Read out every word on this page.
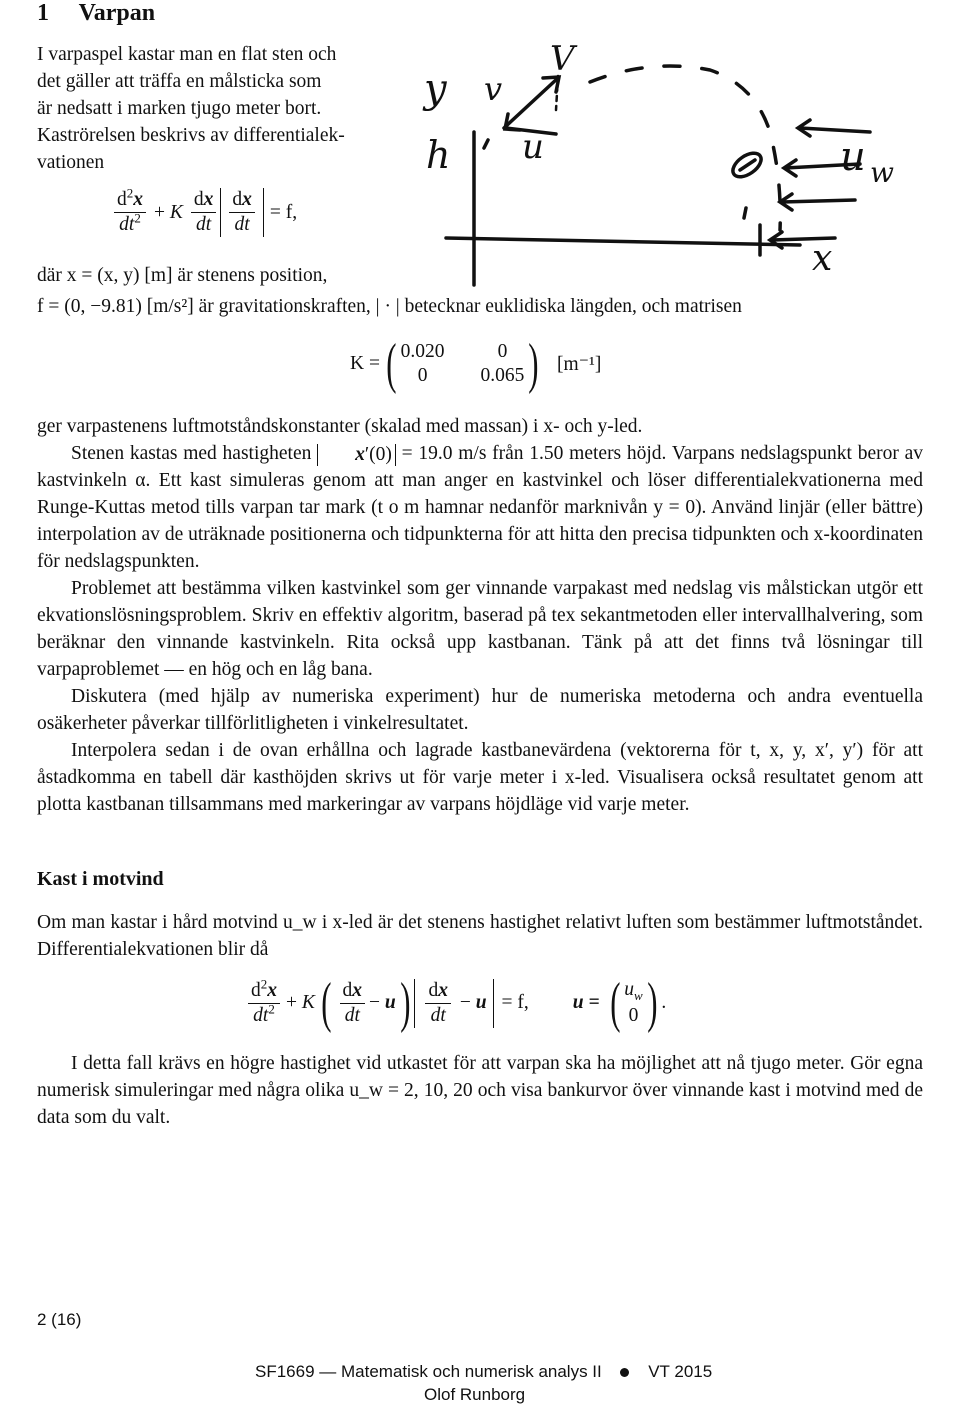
1 Varpan

I varpaspel kastar man en flat sten och

det gäller att träffa en målsticka som

är nedsatt i marken tjugo meter bort.

Kaströrelsen beskrivs av differentialek-

vationen

$\frac{d^2x}{dt^2} + K \frac{dx}{dt} \frac{dx}{dt} = f$,
där x = (x, y) [m] är stenens position,
f = (0, −9.81) [m/s²] är gravitationskraften, | · | betecknar euklidiska längden, och matrisen
y v
V
h u	u w
x
K = ( 0.020	0
0	0.065 ) [m⁻¹]

ger varpastenens luftmotståndskonstanter (skalad med massan) i x- och y-led.

Stenen kastas med hastigheten x′(0) = 19.0 m/s från 1.50 meters höjd. Varpans nedslagspunkt beror av kastvinkeln α. Ett kast simuleras genom att man anger en kastvinkel och löser differentialekvationerna med Runge-Kuttas metod tills varpan tar mark (t o m hamnar nedanför marknivån y = 0). Använd linjär (eller bättre) interpolation av de uträknade positionerna och tidpunkterna för att hitta den precisa tidpunkten och x-koordinaten för nedslagspunkten.

Problemet att bestämma vilken kastvinkel som ger vinnande varpakast med nedslag vis målstickan utgör ett ekvationslösningsproblem. Skriv en effektiv algoritm, baserad på tex sekantmetoden eller intervallhalvering, som beräknar den vinnande kastvinkeln. Rita också upp kastbanan. Tänk på att det finns två lösningar till varpaproblemet — en hög och en låg bana.

Diskutera (med hjälp av numeriska experiment) hur de numeriska metoderna och andra eventuella osäkerheter påverkar tillförlitligheten i vinkelresultatet.

Interpolera sedan i de ovan erhållna och lagrade kastbanevärdena (vektorerna för t, x, y, x′, y′) för att åstadkomma en tabell där kasthöjden skrivs ut för varje meter i x-led. Visualisera också resultatet genom att plotta kastbanan tillsammans med markeringar av varpans höjdläge vid varje meter.

Kast i motvind

Om man kastar i hård motvind u_w i x-led är det stenens hastighet relativt luften som bestämmer luftmotståndet. Differentialekvationen blir då

$\frac{d^2x}{dt^2} + K$ ( $\frac{dx}{dt} - u$ ) $\frac{dx}{dt} - u = f$, u = ( $u_w$
0 ) .

I detta fall krävs en högre hastighet vid utkastet för att varpan ska ha möjlighet att nå tjugo meter. Gör egna numerisk simuleringar med några olika u_w = 2, 10, 20 och visa bankurvor över vinnande kast i motvind med de data som du valt.

2 (16)
SF1669 — Matematisk och numerisk analys II	VT 2015
Olof Runborg
